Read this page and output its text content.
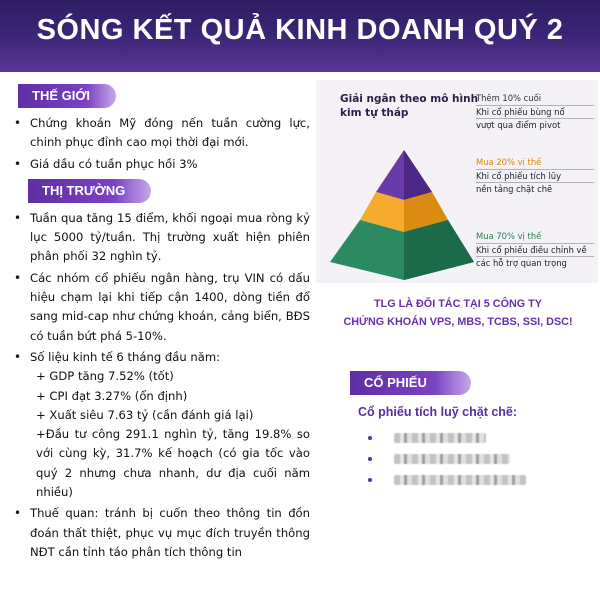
SÓNG KẾT QUẢ KINH DOANH QUÝ 2
THẾ GIỚI
• Chứng khoán Mỹ đóng nến tuần cường lực, chinh phục đỉnh cao mọi thời đại mới.
• Giá dầu có tuần phục hồi 3%
THỊ TRƯỜNG
• Tuần qua tăng 15 điểm, khối ngoại mua ròng kỷ lục 5000 tỷ/tuần. Thị trường xuất hiện phiên phân phối 32 nghìn tỷ.
• Các nhóm cổ phiếu ngân hàng, trụ VIN có dấu hiệu chạm lại khi tiếp cận 1400, dòng tiền đổ sang mid-cap như chứng khoán, cảng biển, BĐS có tuần bứt phá 5-10%.
• Số liệu kinh tế 6 tháng đầu năm:
+ GDP tăng 7.52% (tốt)
+ CPI đạt 3.27% (ổn định)
+ Xuất siêu 7.63 tỷ (cần đánh giá lại)
+Đầu tư công 291.1 nghìn tỷ, tăng 19.8% so với cùng kỳ, 31.7% kế hoạch (có gia tốc vào quý 2 nhưng chưa nhanh, dư địa cuối năm nhiều)
• Thuế quan: tránh bị cuốn theo thông tin đồn đoán thất thiệt, phục vụ mục đích truyền thông NĐT cần tỉnh táo phân tích thông tin
Giải ngân theo mô hình kim tự tháp
Thêm 10% cuối
Khi cổ phiếu bùng nổ
vượt qua điểm pivot
Mua 20% vị thế
Khi cổ phiếu tích lũy
nền tảng chặt chẽ
Mua 70% vị thế
Khi cổ phiếu điều chỉnh về
các hỗ trợ quan trọng
TLG LÀ ĐỐI TÁC TẠI 5 CÔNG TY
CHỨNG KHOÁN VPS, MBS, TCBS, SSI, DSC!
CỔ PHIẾU
Cổ phiếu tích luỹ chặt chẽ:
